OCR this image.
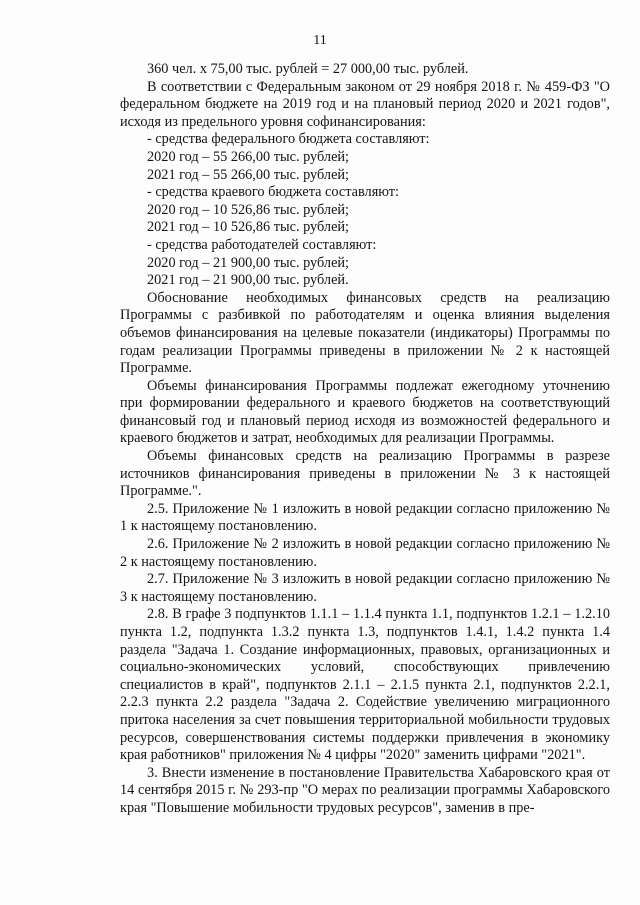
11

360 чел. х 75,00 тыс. рублей = 27 000,00 тыс. рублей.

В соответствии с Федеральным законом от 29 ноября 2018 г. № 459-ФЗ "О федеральном бюджете на 2019 год и на плановый период 2020 и 2021 годов", исходя из предельного уровня софинансирования:

- средства федерального бюджета составляют:

2020 год – 55 266,00 тыс. рублей;

2021 год – 55 266,00 тыс. рублей;

- средства краевого бюджета составляют:

2020 год – 10 526,86 тыс. рублей;

2021 год – 10 526,86 тыс. рублей;

- средства работодателей составляют:

2020 год – 21 900,00 тыс. рублей;

2021 год – 21 900,00 тыс. рублей.

Обоснование необходимых финансовых средств на реализацию Программы с разбивкой по работодателям и оценка влияния выделения объемов финансирования на целевые показатели (индикаторы) Программы по годам реализации Программы приведены в приложении № 2 к настоящей Программе.

Объемы финансирования Программы подлежат ежегодному уточнению при формировании федерального и краевого бюджетов на соответствующий финансовый год и плановый период исходя из возможностей федерального и краевого бюджетов и затрат, необходимых для реализации Программы.

Объемы финансовых средств на реализацию Программы в разрезе источников финансирования приведены в приложении № 3 к настоящей Программе.".

2.5. Приложение № 1 изложить в новой редакции согласно приложению № 1 к настоящему постановлению.

2.6. Приложение № 2 изложить в новой редакции согласно приложению № 2 к настоящему постановлению.

2.7. Приложение № 3 изложить в новой редакции согласно приложению № 3 к настоящему постановлению.

2.8. В графе 3 подпунктов 1.1.1 – 1.1.4 пункта 1.1, подпунктов 1.2.1 – 1.2.10 пункта 1.2, подпункта 1.3.2 пункта 1.3, подпунктов 1.4.1, 1.4.2 пункта 1.4 раздела "Задача 1. Создание информационных, правовых, организационных и социально-экономических условий, способствующих привлечению специалистов в край", подпунктов 2.1.1 – 2.1.5 пункта 2.1, подпунктов 2.2.1, 2.2.3 пункта 2.2 раздела "Задача 2. Содействие увеличению миграционного притока населения за счет повышения территориальной мобильности трудовых ресурсов, совершенствования системы поддержки привлечения в экономику края работников" приложения № 4 цифры "2020" заменить цифрами "2021".

3. Внести изменение в постановление Правительства Хабаровского края от 14 сентября 2015 г. № 293-пр "О мерах по реализации программы Хабаровского края "Повышение мобильности трудовых ресурсов", заменив в пре-
